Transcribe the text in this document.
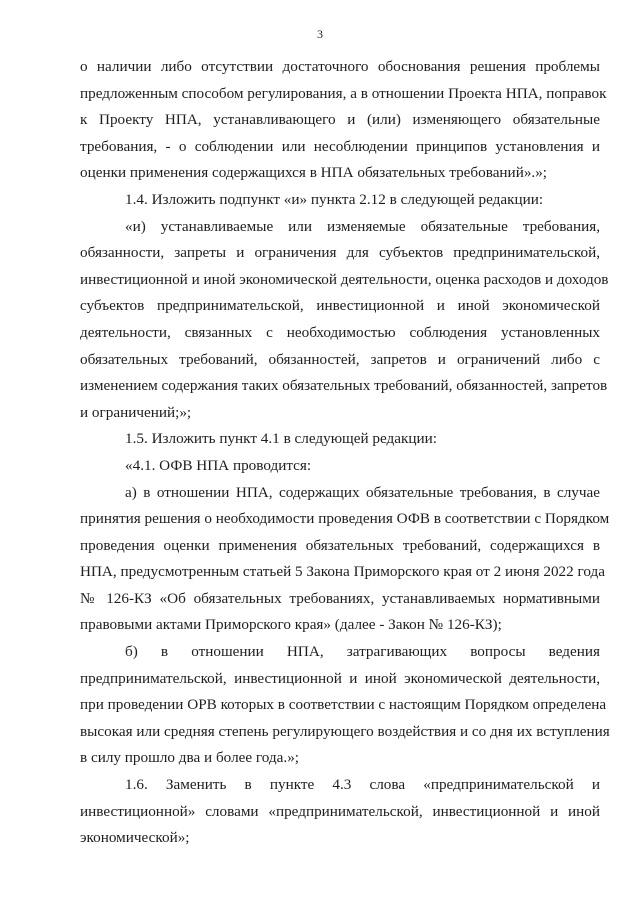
3
о наличии либо отсутствии достаточного обоснования решения проблемы
предложенным способом регулирования, а в отношении Проекта НПА, поправок
к Проекту НПА, устанавливающего и (или) изменяющего обязательные
требования, - о соблюдении или несоблюдении принципов установления и
оценки применения содержащихся в НПА обязательных требований».»;
1.4. Изложить подпункт «и» пункта 2.12 в следующей редакции:
«и) устанавливаемые или изменяемые обязательные требования,
обязанности, запреты и ограничения для субъектов предпринимательской,
инвестиционной и иной экономической деятельности, оценка расходов и доходов
субъектов предпринимательской, инвестиционной и иной экономической
деятельности, связанных с необходимостью соблюдения установленных
обязательных требований, обязанностей, запретов и ограничений либо с
изменением содержания таких обязательных требований, обязанностей, запретов
и ограничений;»;
1.5. Изложить пункт 4.1 в следующей редакции:
«4.1. ОФВ НПА проводится:
а) в отношении НПА, содержащих обязательные требования, в случае
принятия решения о необходимости проведения ОФВ в соответствии с Порядком
проведения оценки применения обязательных требований, содержащихся в
НПА, предусмотренным статьей 5 Закона Приморского края от 2 июня 2022 года
№ 126-КЗ «Об обязательных требованиях, устанавливаемых нормативными
правовыми актами Приморского края» (далее - Закон № 126-КЗ);
б) в отношении НПА, затрагивающих вопросы ведения
предпринимательской, инвестиционной и иной экономической деятельности,
при проведении ОРВ которых в соответствии с настоящим Порядком определена
высокая или средняя степень регулирующего воздействия и со дня их вступления
в силу прошло два и более года.»;
1.6. Заменить в пункте 4.3 слова «предпринимательской и
инвестиционной» словами «предпринимательской, инвестиционной и иной
экономической»;
